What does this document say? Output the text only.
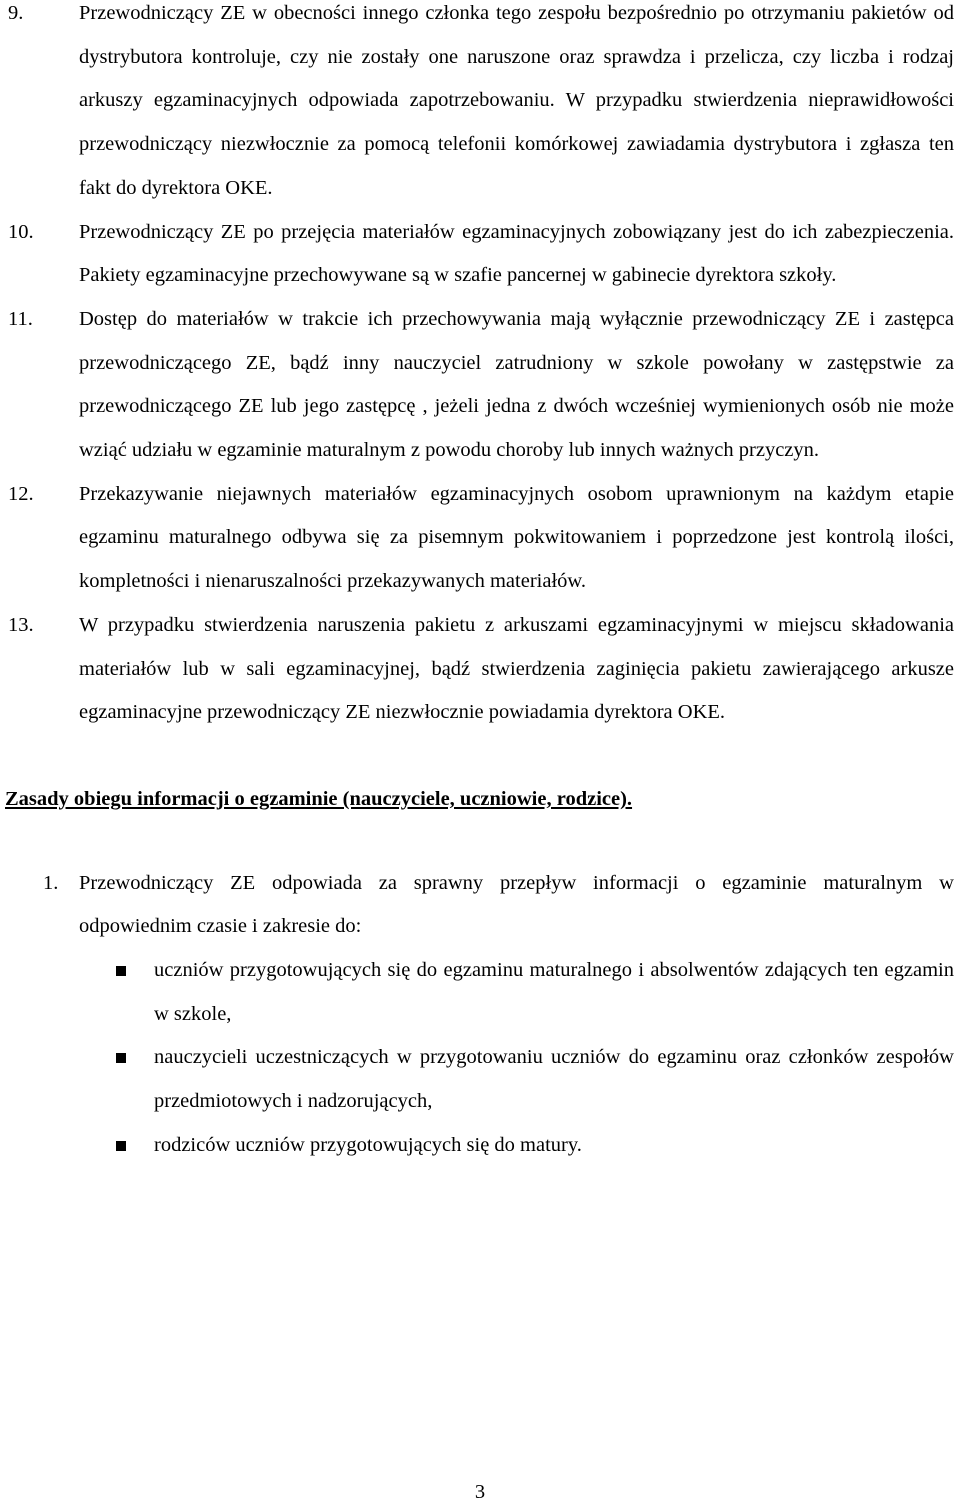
9.	Przewodniczący ZE w obecności innego członka tego zespołu bezpośrednio po otrzymaniu pakietów od dystrybutora kontroluje, czy nie zostały one naruszone oraz sprawdza i przelicza, czy liczba i rodzaj arkuszy egzaminacyjnych odpowiada zapotrzebowaniu. W przypadku stwierdzenia nieprawidłowości przewodniczący niezwłocznie za pomocą telefonii komórkowej zawiadamia dystrybutora i zgłasza ten fakt do dyrektora OKE.
10. Przewodniczący ZE po przejęcia materiałów egzaminacyjnych zobowiązany jest do ich zabezpieczenia. Pakiety egzaminacyjne przechowywane są w szafie pancernej w gabinecie dyrektora szkoły.
11. Dostęp do materiałów w trakcie ich przechowywania mają wyłącznie przewodniczący ZE i zastępca przewodniczącego ZE, bądź inny nauczyciel zatrudniony w szkole powołany w zastępstwie za przewodniczącego ZE lub jego zastępcę , jeżeli jedna z dwóch wcześniej wymienionych osób nie może wziąć udziału w egzaminie maturalnym z powodu choroby lub innych ważnych przyczyn.
12. Przekazywanie niejawnych materiałów egzaminacyjnych osobom uprawnionym na każdym etapie egzaminu maturalnego odbywa się za pisemnym pokwitowaniem i poprzedzone jest kontrolą ilości, kompletności i nienaruszalności przekazywanych materiałów.
13. W przypadku stwierdzenia naruszenia pakietu z arkuszami egzaminacyjnymi w miejscu składowania materiałów lub w sali egzaminacyjnej, bądź stwierdzenia zaginięcia pakietu zawierającego arkusze egzaminacyjne przewodniczący ZE niezwłocznie powiadamia dyrektora OKE.
Zasady obiegu informacji o egzaminie (nauczyciele, uczniowie, rodzice).
1. Przewodniczący ZE odpowiada za sprawny przepływ informacji o egzaminie maturalnym w odpowiednim czasie i zakresie do:
uczniów przygotowujących się do egzaminu maturalnego i absolwentów zdających ten egzamin w szkole,
nauczycieli uczestniczących w przygotowaniu uczniów do egzaminu oraz członków zespołów przedmiotowych i nadzorujących,
rodziców uczniów przygotowujących się do matury.
3
